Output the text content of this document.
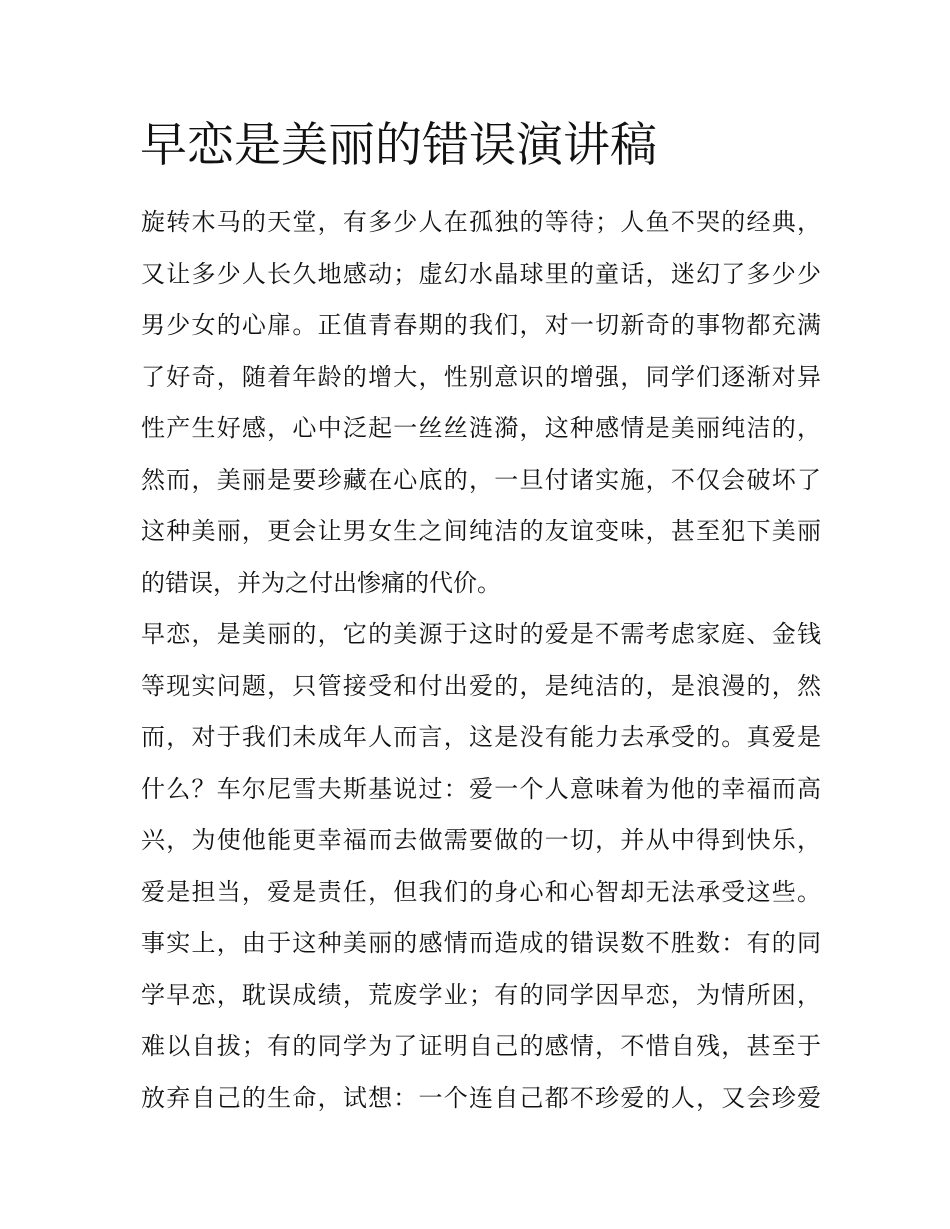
早恋是美丽的错误演讲稿
旋转木马的天堂，有多少人在孤独的等待；人鱼不哭的经典，
又让多少人长久地感动；虚幻水晶球里的童话，迷幻了多少少
男少女的心扉。正值青春期的我们，对一切新奇的事物都充满
了好奇，随着年龄的增大，性别意识的增强，同学们逐渐对异
性产生好感，心中泛起一丝丝涟漪，这种感情是美丽纯洁的，
然而，美丽是要珍藏在心底的，一旦付诸实施，不仅会破坏了
这种美丽，更会让男女生之间纯洁的友谊变味，甚至犯下美丽
的错误，并为之付出惨痛的代价。
早恋，是美丽的，它的美源于这时的爱是不需考虑家庭、金钱
等现实问题，只管接受和付出爱的，是纯洁的，是浪漫的，然
而，对于我们未成年人而言，这是没有能力去承受的。真爱是
什么？车尔尼雪夫斯基说过：爱一个人意味着为他的幸福而高
兴，为使他能更幸福而去做需要做的一切，并从中得到快乐，
爱是担当，爱是责任，但我们的身心和心智却无法承受这些。
事实上，由于这种美丽的感情而造成的错误数不胜数：有的同
学早恋，耽误成绩，荒废学业；有的同学因早恋，为情所困，
难以自拔；有的同学为了证明自己的感情，不惜自残，甚至于
放弃自己的生命，试想：一个连自己都不珍爱的人，又会珍爱
